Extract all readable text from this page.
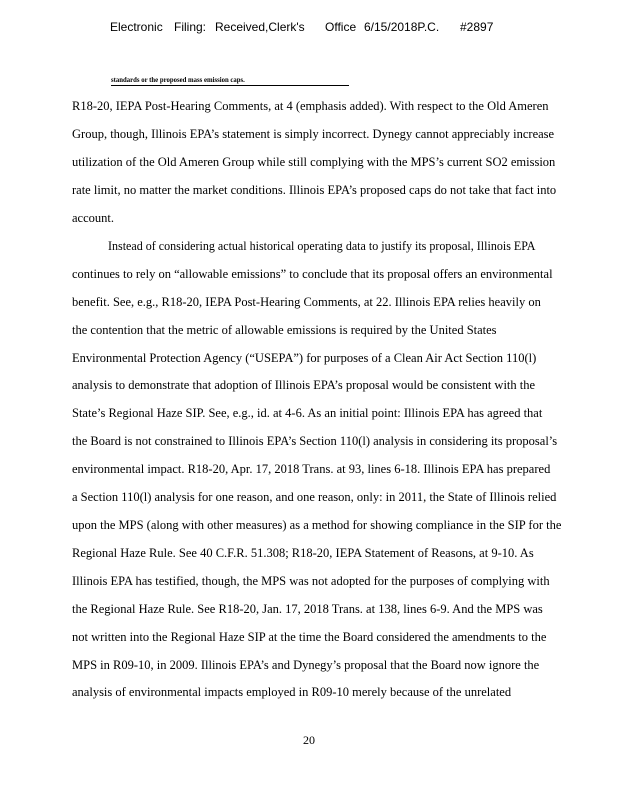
Electronic Filing: Received,Clerk's Office 6/15/2018P.C. #2897
standards or the proposed mass emission caps.
R18-20, IEPA Post-Hearing Comments, at 4 (emphasis added). With respect to the Old Ameren
Group, though, Illinois EPA’s statement is simply incorrect. Dynegy cannot appreciably increase
utilization of the Old Ameren Group while still complying with the MPS’s current SO2 emission
rate limit, no matter the market conditions. Illinois EPA’s proposed caps do not take that fact into
account.
Instead of considering actual historical operating data to justify its proposal, Illinois EPA
continues to rely on “allowable emissions” to conclude that its proposal offers an environmental
benefit. See, e.g., R18-20, IEPA Post-Hearing Comments, at 22. Illinois EPA relies heavily on
the contention that the metric of allowable emissions is required by the United States
Environmental Protection Agency (“USEPA”) for purposes of a Clean Air Act Section 110(l)
analysis to demonstrate that adoption of Illinois EPA’s proposal would be consistent with the
State’s Regional Haze SIP. See, e.g., id. at 4-6. As an initial point: Illinois EPA has agreed that
the Board is not constrained to Illinois EPA’s Section 110(l) analysis in considering its proposal’s
environmental impact. R18-20, Apr. 17, 2018 Trans. at 93, lines 6-18. Illinois EPA has prepared
a Section 110(l) analysis for one reason, and one reason, only: in 2011, the State of Illinois relied
upon the MPS (along with other measures) as a method for showing compliance in the SIP for the
Regional Haze Rule. See 40 C.F.R. 51.308; R18-20, IEPA Statement of Reasons, at 9-10. As
Illinois EPA has testified, though, the MPS was not adopted for the purposes of complying with
the Regional Haze Rule. See R18-20, Jan. 17, 2018 Trans. at 138, lines 6-9. And the MPS was
not written into the Regional Haze SIP at the time the Board considered the amendments to the
MPS in R09-10, in 2009. Illinois EPA’s and Dynegy’s proposal that the Board now ignore the
analysis of environmental impacts employed in R09-10 merely because of the unrelated
20
